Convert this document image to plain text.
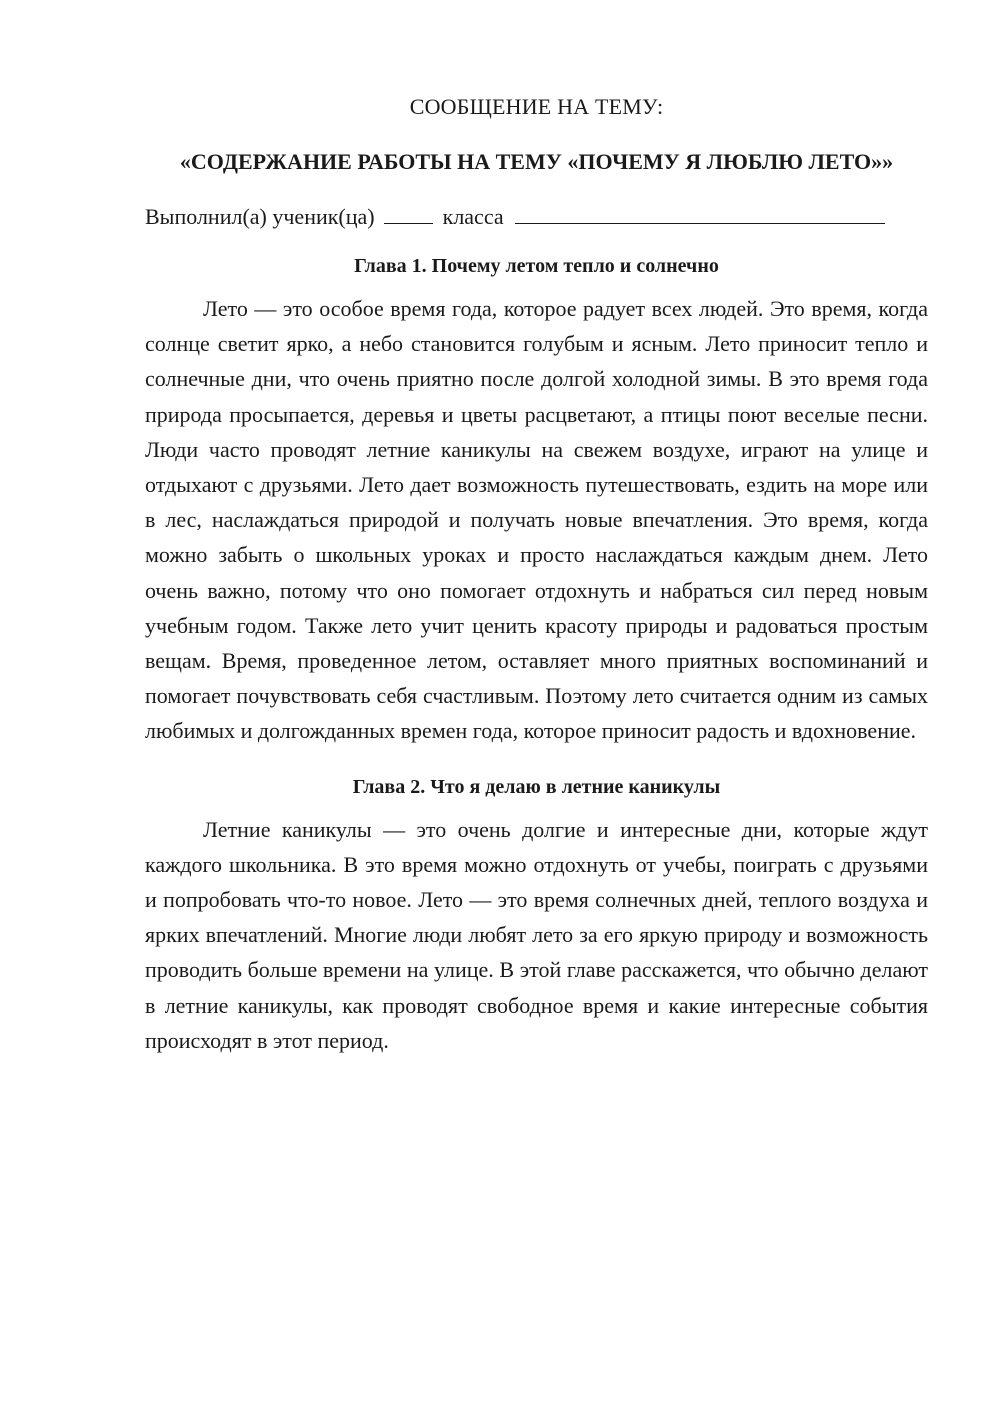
СООБЩЕНИЕ НА ТЕМУ:
«СОДЕРЖАНИЕ РАБОТЫ НА ТЕМУ «ПОЧЕМУ Я ЛЮБЛЮ ЛЕТО»»

Выполнил(а) ученик(ца)	класса

Глава 1. Почему летом тепло и солнечно

Лето — это особое время года, которое радует всех людей. Это время, когда солнце светит ярко, а небо становится голубым и ясным. Лето приносит тепло и солнечные дни, что очень приятно после долгой холодной зимы. В это время года природа просыпается, деревья и цветы расцветают, а птицы поют веселые песни. Люди часто проводят летние каникулы на свежем воздухе, играют на улице и отдыхают с друзьями. Лето дает возможность путешествовать, ездить на море или в лес, наслаждаться природой и получать новые впечатления. Это время, когда можно забыть о школьных уроках и просто наслаждаться каждым днем. Лето очень важно, потому что оно помогает отдохнуть и набраться сил перед новым учебным годом. Также лето учит ценить красоту природы и радоваться простым вещам. Время, проведенное летом, оставляет много приятных воспоминаний и помогает почувствовать себя счастливым. Поэтому лето считается одним из самых любимых и долгожданных времен года, которое приносит радость и вдохновение.

Глава 2. Что я делаю в летние каникулы

Летние каникулы — это очень долгие и интересные дни, которые ждут каждого школьника. В это время можно отдохнуть от учебы, поиграть с друзьями и попробовать что-то новое. Лето — это время солнечных дней, теплого воздуха и ярких впечатлений. Многие люди любят лето за его яркую природу и возможность проводить больше времени на улице. В этой главе расскажется, что обычно делают в летние каникулы, как проводят свободное время и какие интересные события происходят в этот период.
